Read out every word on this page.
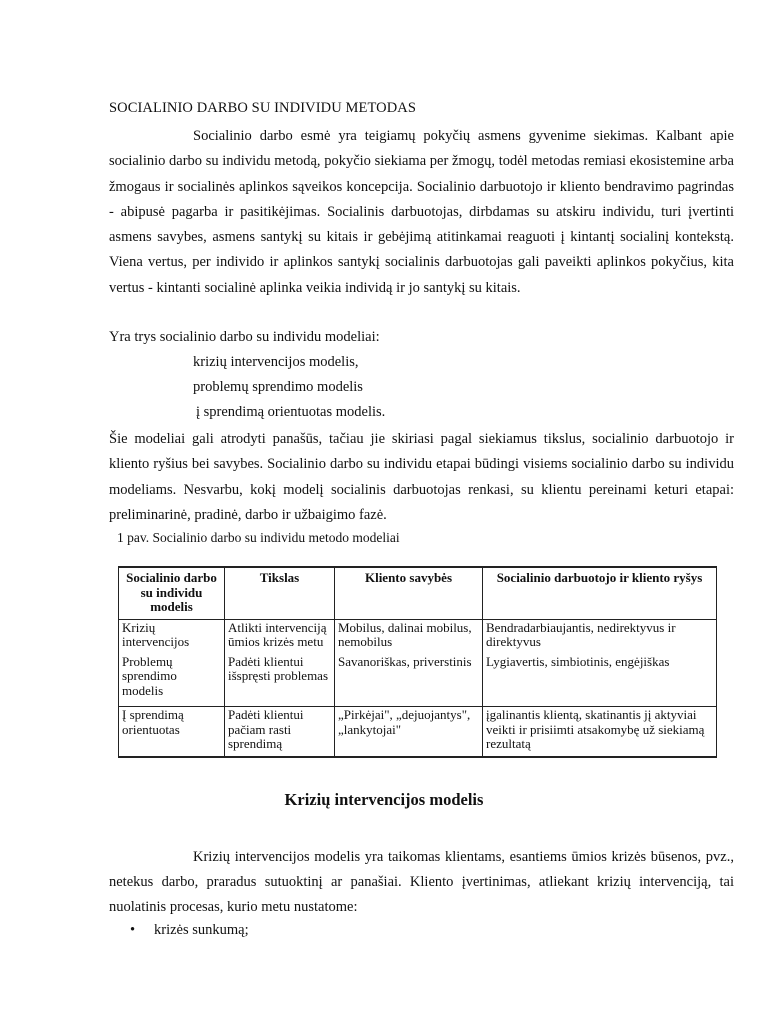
SOCIALINIO DARBO SU INDIVIDU METODAS
Socialinio darbo esmė yra teigiamų pokyčių asmens gyvenime siekimas. Kalbant apie socialinio darbo su individu metodą, pokyčio siekiama per žmogų, todėl metodas remiasi ekosistemine arba žmogaus ir socialinės aplinkos sąveikos koncepcija. Socialinio darbuotojo ir kliento bendravimo pagrindas - abipusė pagarba ir pasitikėjimas. Socialinis darbuotojas, dirbdamas su atskiru individu, turi įvertinti asmens savybes, asmens santykį su kitais ir gebėjimą atitinkamai reaguoti į kintantį socialinį kontekstą. Viena vertus, per individo ir aplinkos santykį socialinis darbuotojas gali paveikti aplinkos pokyčius, kita vertus - kintanti socialinė aplinka veikia individą ir jo santykį su kitais.
Yra trys socialinio darbo su individu modeliai:
krizių intervencijos modelis,
problemų sprendimo modelis
į sprendimą orientuotas modelis.
Šie modeliai gali atrodyti panašūs, tačiau jie skiriasi pagal siekiamus tikslus, socialinio darbuotojo ir kliento ryšius bei savybes. Socialinio darbo su individu etapai būdingi visiems socialinio darbo su individu modeliams. Nesvarbu, kokį modelį socialinis darbuotojas renkasi, su klientu pereinami keturi etapai: preliminarinė, pradinė, darbo ir užbaigimo fazė.
1 pav. Socialinio darbo su individu metodo modeliai
Socialinio darbo su individu modelis	Tikslas	Kliento savybės	Socialinio darbuotojo ir kliento ryšys
Krizių intervencijos	Atlikti intervenciją ūmios krizės metu	Mobilus, dalinai mobilus, nemobilus	Bendradarbiaujantis, nedirektyvus ir direktyvus
Problemų sprendimo modelis	Padėti klientui išspręsti problemas	Savanoriškas, priverstinis	Lygiavertis, simbiotinis, engėjiškas
Į sprendimą orientuotas	Padėti klientui pačiam rasti sprendimą	„Pirkėjai", „dejuojantys", „lankytojai"	įgalinantis klientą, skatinantis jį aktyviai veikti ir prisiimti atsakomybę už siekiamą rezultatą
Krizių intervencijos modelis
Krizių intervencijos modelis yra taikomas klientams, esantiems ūmios krizės būsenos, pvz., netekus darbo, praradus sutuoktinį ar panašiai. Kliento įvertinimas, atliekant krizių intervenciją, tai nuolatinis procesas, kurio metu nustatome:
• krizės sunkumą;
